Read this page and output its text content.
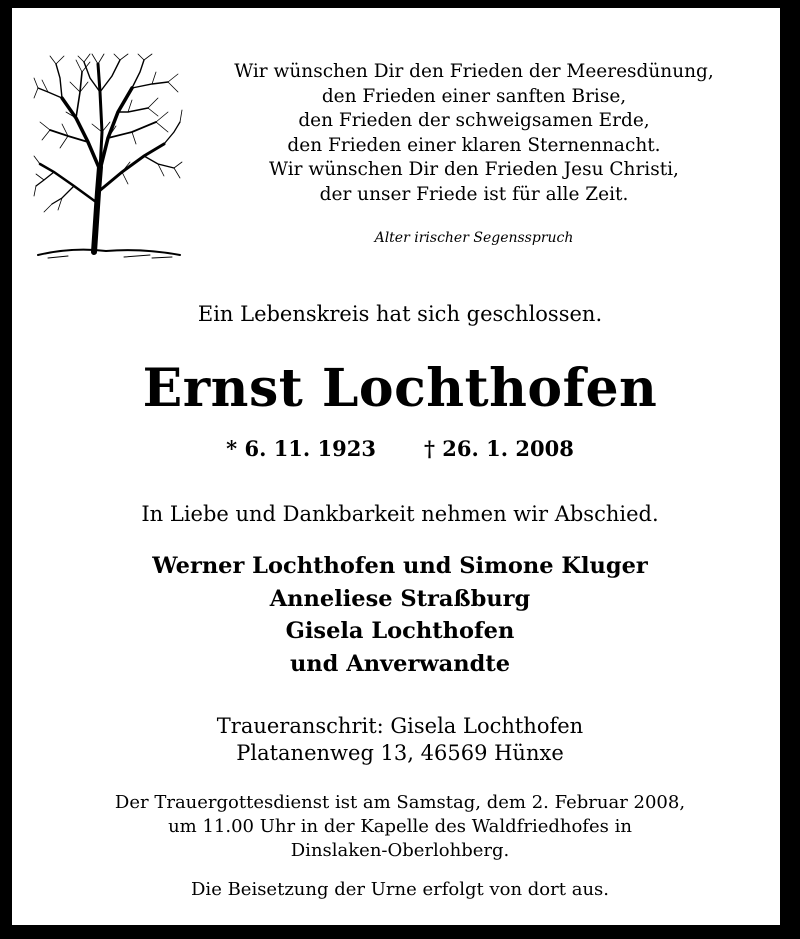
Wir wünschen Dir den Frieden der Meeresdünung,
den Frieden einer sanften Brise,
den Frieden der schweigsamen Erde,
den Frieden einer klaren Sternennacht.
Wir wünschen Dir den Frieden Jesu Christi,
der unser Friede ist für alle Zeit.
Alter irischer Segensspruch
Ein Lebenskreis hat sich geschlossen.
Ernst Lochthofen
* 6. 11. 1923 † 26. 1. 2008
In Liebe und Dankbarkeit nehmen wir Abschied.
Werner Lochthofen und Simone Kluger
Anneliese Straßburg
Gisela Lochthofen
und Anverwandte
Traueranschrit: Gisela Lochthofen
Platanenweg 13, 46569 Hünxe
Der Trauergottesdienst ist am Samstag, dem 2. Februar 2008,
um 11.00 Uhr in der Kapelle des Waldfriedhofes in
Dinslaken-Oberlohberg.
Die Beisetzung der Urne erfolgt von dort aus.
